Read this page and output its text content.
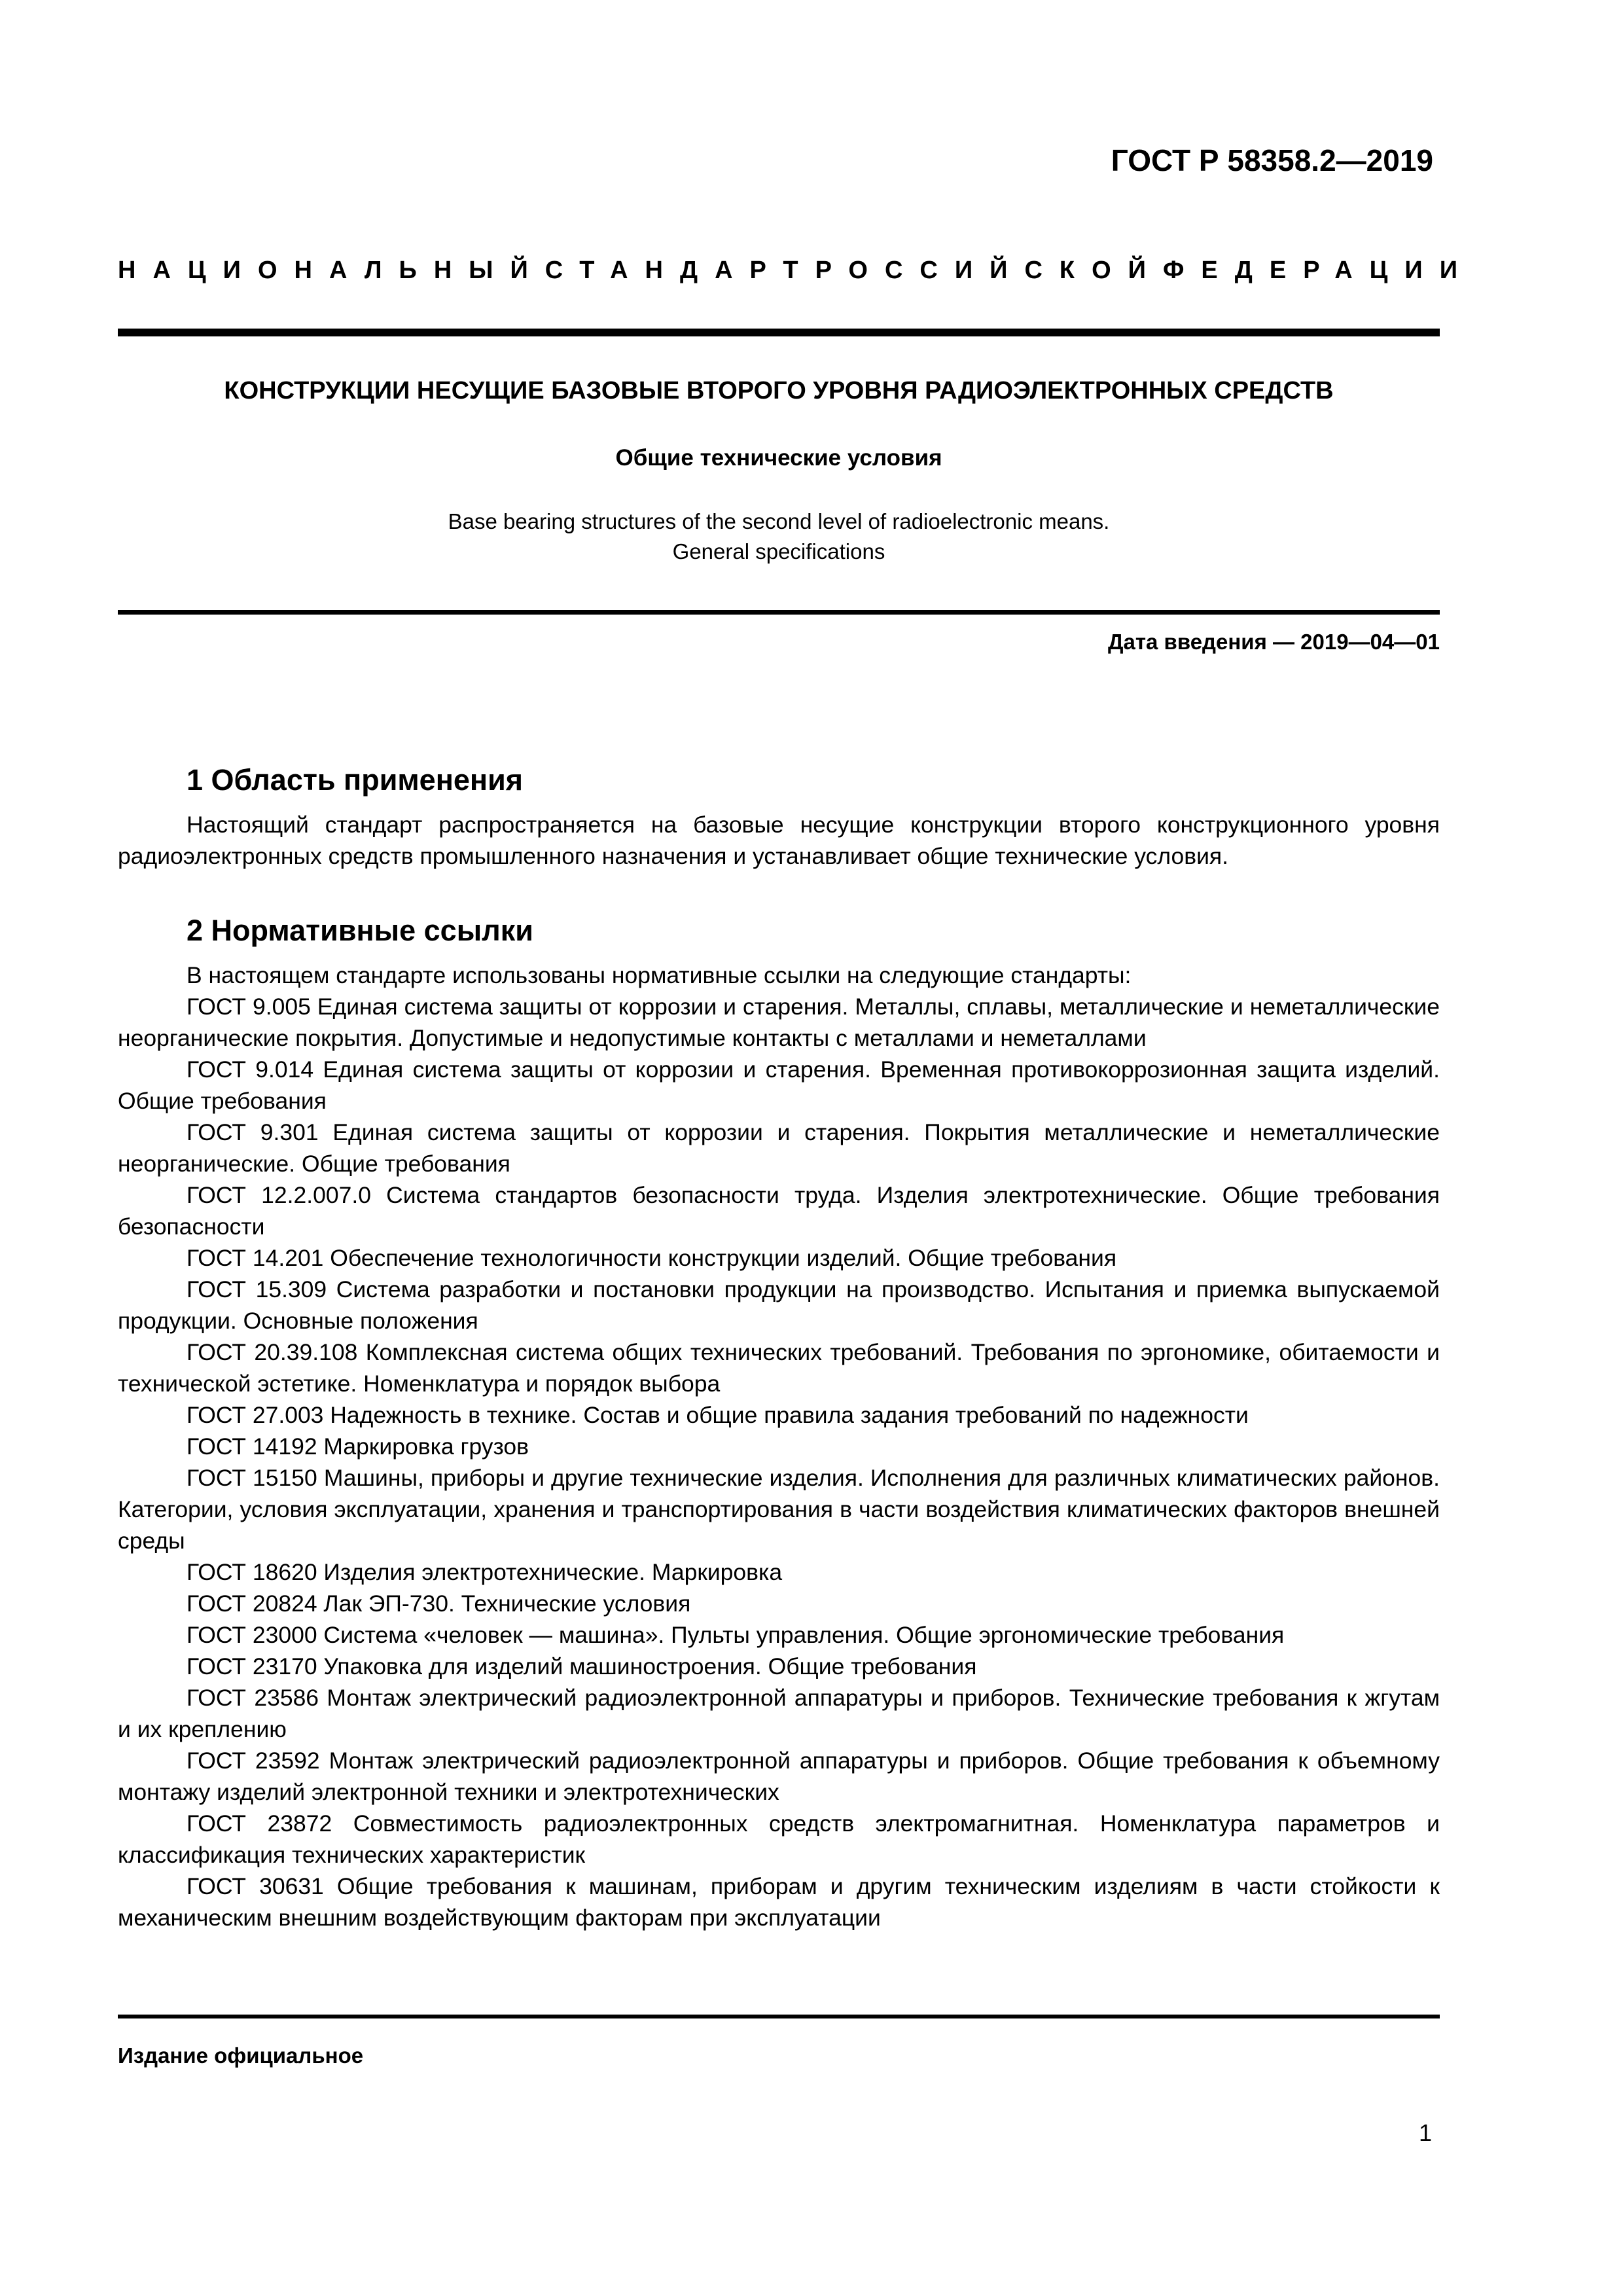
ГОСТ Р 58358.2—2019

НАЦИОНАЛЬНЫЙ СТАНДАРТ РОССИЙСКОЙ ФЕДЕРАЦИИ

КОНСТРУКЦИИ НЕСУЩИЕ БАЗОВЫЕ ВТОРОГО УРОВНЯ РАДИОЭЛЕКТРОННЫХ СРЕДСТВ

Общие технические условия

Base bearing structures of the second level of radioelectronic means.
General specifications

Дата введения — 2019—04—01

1 Область применения

Настоящий стандарт распространяется на базовые несущие конструкции второго конструкционного уровня радиоэлектронных средств промышленного назначения и устанавливает общие технические условия.

2 Нормативные ссылки

В настоящем стандарте использованы нормативные ссылки на следующие стандарты:

ГОСТ 9.005 Единая система защиты от коррозии и старения. Металлы, сплавы, металлические и неметаллические неорганические покрытия. Допустимые и недопустимые контакты с металлами и неметаллами

ГОСТ 9.014 Единая система защиты от коррозии и старения. Временная противокоррозионная защита изделий. Общие требования

ГОСТ 9.301 Единая система защиты от коррозии и старения. Покрытия металлические и неметаллические неорганические. Общие требования

ГОСТ 12.2.007.0 Система стандартов безопасности труда. Изделия электротехнические. Общие требования безопасности

ГОСТ 14.201 Обеспечение технологичности конструкции изделий. Общие требования

ГОСТ 15.309 Система разработки и постановки продукции на производство. Испытания и приемка выпускаемой продукции. Основные положения

ГОСТ 20.39.108 Комплексная система общих технических требований. Требования по эргономике, обитаемости и технической эстетике. Номенклатура и порядок выбора

ГОСТ 27.003 Надежность в технике. Состав и общие правила задания требований по надежности

ГОСТ 14192 Маркировка грузов

ГОСТ 15150 Машины, приборы и другие технические изделия. Исполнения для различных климатических районов. Категории, условия эксплуатации, хранения и транспортирования в части воздействия климатических факторов внешней среды

ГОСТ 18620 Изделия электротехнические. Маркировка

ГОСТ 20824 Лак ЭП-730. Технические условия

ГОСТ 23000 Система «человек — машина». Пульты управления. Общие эргономические требования

ГОСТ 23170 Упаковка для изделий машиностроения. Общие требования

ГОСТ 23586 Монтаж электрический радиоэлектронной аппаратуры и приборов. Технические требования к жгутам и их креплению

ГОСТ 23592 Монтаж электрический радиоэлектронной аппаратуры и приборов. Общие требования к объемному монтажу изделий электронной техники и электротехнических

ГОСТ 23872 Совместимость радиоэлектронных средств электромагнитная. Номенклатура параметров и классификация технических характеристик

ГОСТ 30631 Общие требования к машинам, приборам и другим техническим изделиям в части стойкости к механическим внешним воздействующим факторам при эксплуатации

Издание официальное

1
